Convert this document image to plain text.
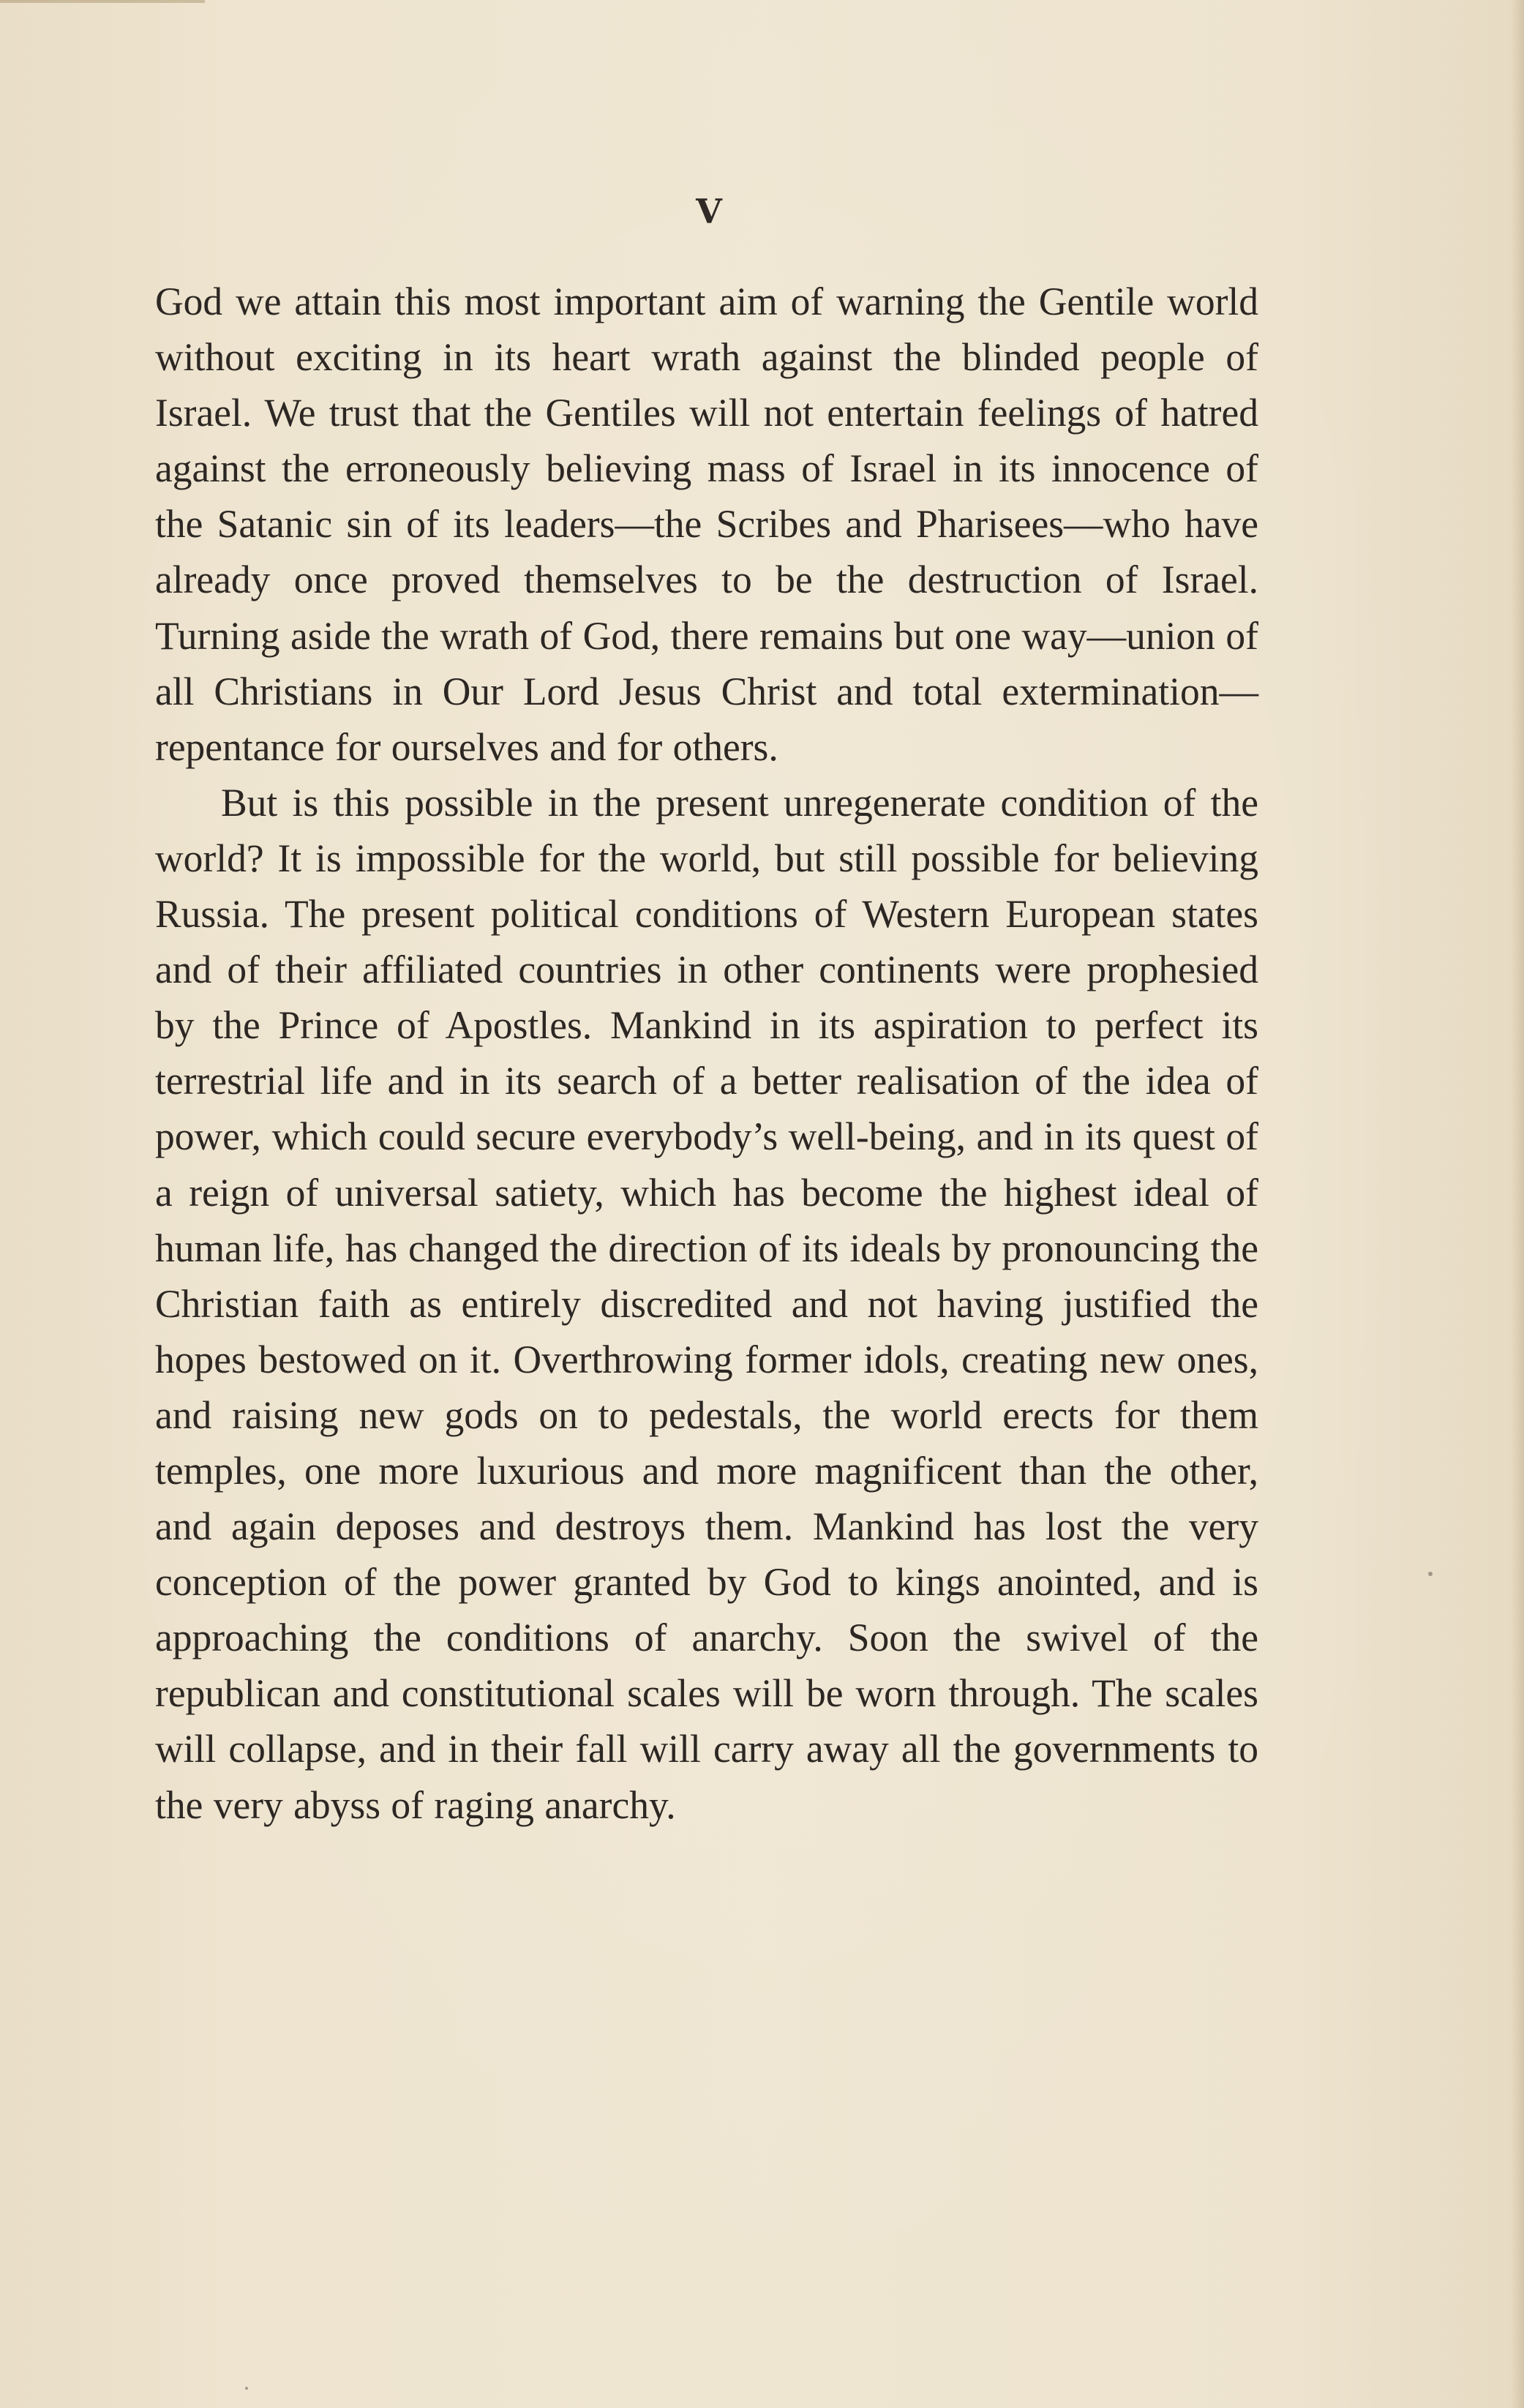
V

God we attain this most important aim of warning the Gentile world without exciting in its heart wrath against the blinded people of Israel. We trust that the Gentiles will not entertain feelings of hatred against the erroneously believing mass of Israel in its innocence of the Satanic sin of its leaders—the Scribes and Pharisees—who have already once proved themselves to be the destruction of Israel. Turning aside the wrath of God, there remains but one way—union of all Christians in Our Lord Jesus Christ and total extermination—repentance for ourselves and for others.

But is this possible in the present unregenerate condition of the world? It is impossible for the world, but still possible for believing Russia. The present political conditions of Western European states and of their affiliated countries in other continents were prophesied by the Prince of Apostles. Mankind in its aspiration to perfect its terrestrial life and in its search of a better realisation of the idea of power, which could secure everybody’s well-being, and in its quest of a reign of universal satiety, which has become the highest ideal of human life, has changed the direction of its ideals by pronouncing the Christian faith as entirely discredited and not having justified the hopes bestowed on it. Overthrowing former idols, creating new ones, and raising new gods on to pedestals, the world erects for them temples, one more luxurious and more magnificent than the other, and again deposes and destroys them. Mankind has lost the very conception of the power granted by God to kings anointed, and is approaching the conditions of anarchy. Soon the swivel of the republican and constitutional scales will be worn through. The scales will collapse, and in their fall will carry away all the governments to the very abyss of raging anarchy.
